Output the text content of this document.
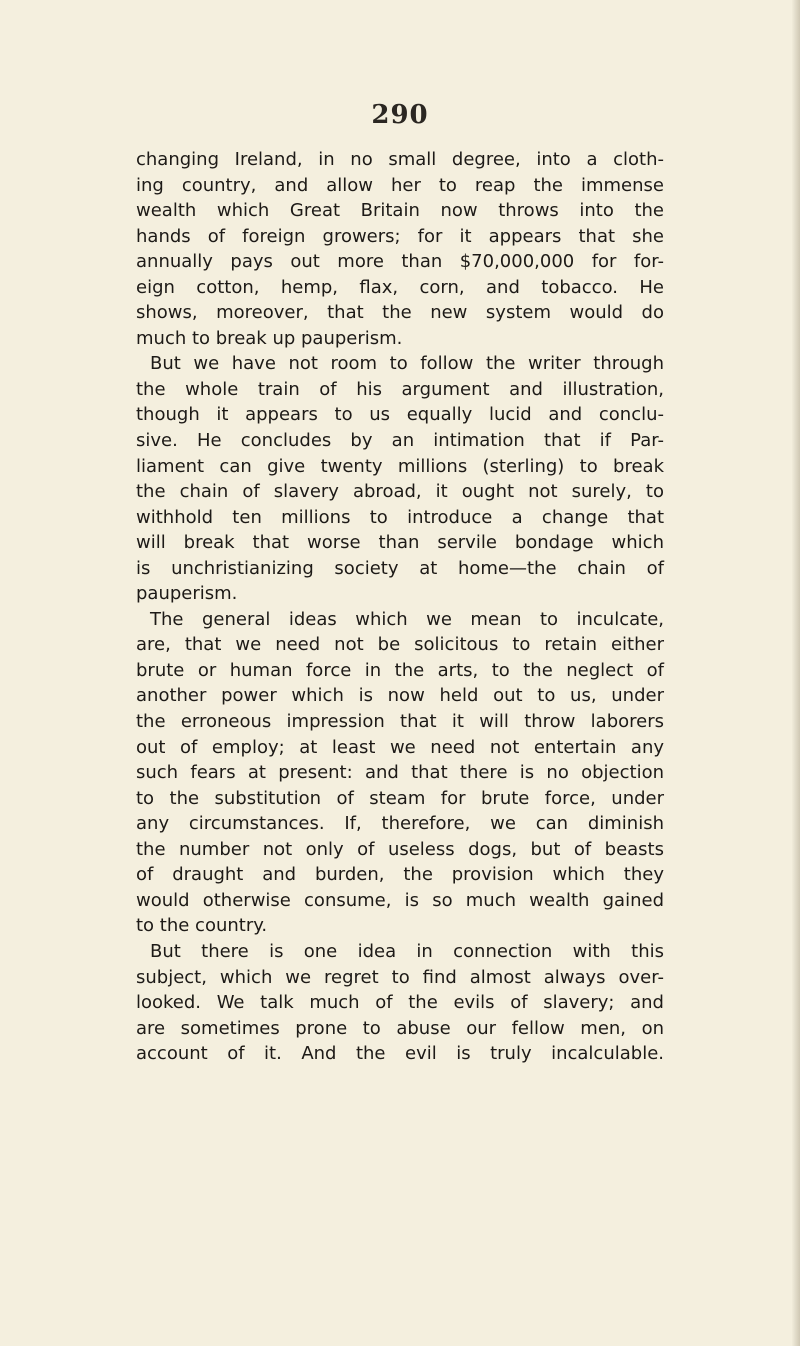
290
changing Ireland, in no small degree, into a cloth-
ing country, and allow her to reap the immense
wealth which Great Britain now throws into the
hands of foreign growers; for it appears that she
annually pays out more than $70,000,000 for for-
eign cotton, hemp, flax, corn, and tobacco. He
shows, moreover, that the new system would do
much to break up pauperism.
But we have not room to follow the writer through
the whole train of his argument and illustration,
though it appears to us equally lucid and conclu-
sive. He concludes by an intimation that if Par-
liament can give twenty millions (sterling) to break
the chain of slavery abroad, it ought not surely, to
withhold ten millions to introduce a change that
will break that worse than servile bondage which
is unchristianizing society at home—the chain of
pauperism.
The general ideas which we mean to inculcate,
are, that we need not be solicitous to retain either
brute or human force in the arts, to the neglect of
another power which is now held out to us, under
the erroneous impression that it will throw laborers
out of employ; at least we need not entertain any
such fears at present: and that there is no objection
to the substitution of steam for brute force, under
any circumstances. If, therefore, we can diminish
the number not only of useless dogs, but of beasts
of draught and burden, the provision which they
would otherwise consume, is so much wealth gained
to the country.
But there is one idea in connection with this
subject, which we regret to find almost always over-
looked. We talk much of the evils of slavery; and
are sometimes prone to abuse our fellow men, on
account of it. And the evil is truly incalculable.
